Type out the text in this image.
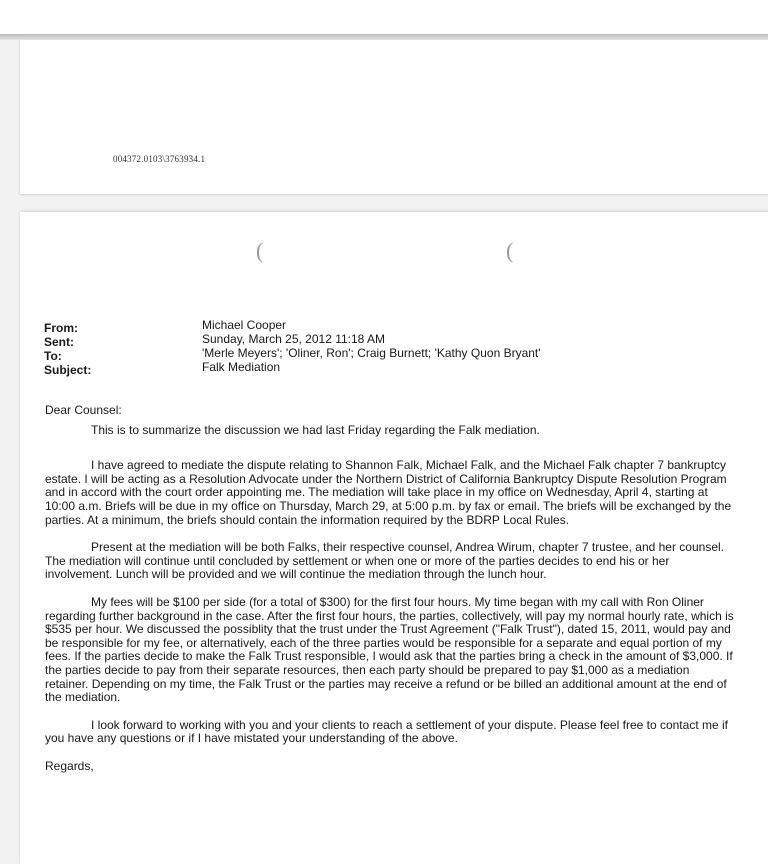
004372.0103\3763934.1
(	(
From:
Sent:
To:
Subject:
Michael Cooper
Sunday, March 25, 2012 11:18 AM
'Merle Meyers'; 'Oliner, Ron'; Craig Burnett; 'Kathy Quon Bryant'
Falk Mediation

Dear Counsel:

This is to summarize the discussion we had last Friday regarding the Falk mediation.

I have agreed to mediate the dispute relating to Shannon Falk, Michael Falk, and the Michael Falk chapter 7 bankruptcy estate. I will be acting as a Resolution Advocate under the Northern District of California Bankruptcy Dispute Resolution Program and in accord with the court order appointing me. The mediation will take place in my office on Wednesday, April 4, starting at 10:00 a.m. Briefs will be due in my office on Thursday, March 29, at 5:00 p.m. by fax or email. The briefs will be exchanged by the parties. At a minimum, the briefs should contain the information required by the BDRP Local Rules.

Present at the mediation will be both Falks, their respective counsel, Andrea Wirum, chapter 7 trustee, and her counsel. The mediation will continue until concluded by settlement or when one or more of the parties decides to end his or her involvement. Lunch will be provided and we will continue the mediation through the lunch hour.

My fees will be $100 per side (for a total of $300) for the first four hours. My time began with my call with Ron Oliner regarding further background in the case. After the first four hours, the parties, collectively, will pay my normal hourly rate, which is $535 per hour. We discussed the possiblity that the trust under the Trust Agreement ("Falk Trust"), dated 15, 2011, would pay and be responsible for my fee, or alternatively, each of the three parties would be responsible for a separate and equal portion of my fees. If the parties decide to make the Falk Trust responsible, I would ask that the parties bring a check in the amount of $3,000. If the parties decide to pay from their separate resources, then each party should be prepared to pay $1,000 as a mediation retainer. Depending on my time, the Falk Trust or the parties may receive a refund or be billed an additional amount at the end of the mediation.

I look forward to working with you and your clients to reach a settlement of your dispute. Please feel free to contact me if you have any questions or if I have mistated your understanding of the above.

Regards,
